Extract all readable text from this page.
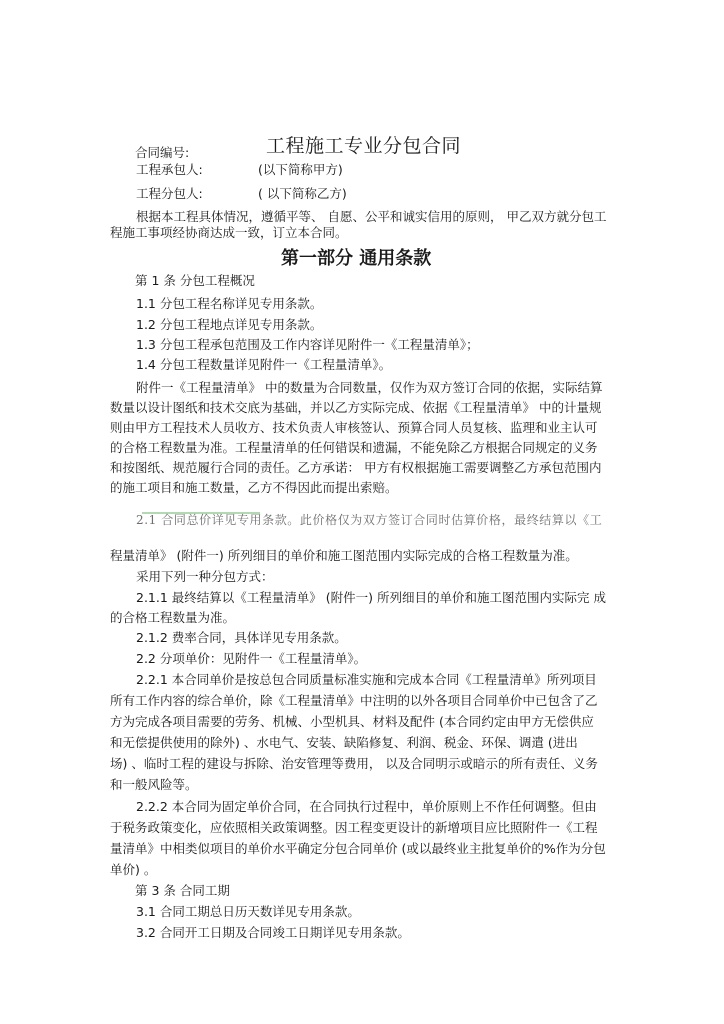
工程施工专业分包合同
合同编号:
工程承包人:	(以下简称甲方)
工程分包人:	( 以下简称乙方)
根据本工程具体情况，遵循平等、 自愿、公平和诚实信用的原则， 甲乙双方就分包工
程施工事项经协商达成一致，订立本合同。
第一部分 通用条款
第 1 条 分包工程概况
1.1 分包工程名称详见专用条款。
1.2 分包工程地点详见专用条款。
1.3 分包工程承包范围及工作内容详见附件一《工程量清单》；
1.4 分包工程数量详见附件一《工程量清单》。
附件一《工程量清单》 中的数量为合同数量，仅作为双方签订合同的依据，实际结算
数量以设计图纸和技术交底为基础，并以乙方实际完成、依据《工程量清单》 中的计量规
则由甲方工程技术人员收方、技术负责人审核签认、预算合同人员复核、监理和业主认可
的合格工程数量为准。工程量清单的任何错误和遗漏，不能免除乙方根据合同规定的义务
和按图纸、规范履行合同的责任。乙方承诺： 甲方有权根据施工需要调整乙方承包范围内
的施工项目和施工数量，乙方不得因此而提出索赔。
2.1 合同总价详见专用条款。此价格仅为双方签订合同时估算价格，最终结算以《工
程量清单》 (附件一) 所列细目的单价和施工图范围内实际完成的合格工程数量为准。
采用下列一种分包方式：
2.1.1 最终结算以《工程量清单》 (附件一) 所列细目的单价和施工图范围内实际完 成
的合格工程数量为准。
2.1.2 费率合同，具体详见专用条款。
2.2 分项单价：见附件一《工程量清单》。
2.2.1 本合同单价是按总包合同质量标准实施和完成本合同《工程量清单》所列项目
所有工作内容的综合单价，除《工程量清单》中注明的以外各项目合同单价中已包含了乙
方为完成各项目需要的劳务、机械、小型机具、材料及配件 (本合同约定由甲方无偿供应
和无偿提供使用的除外) 、水电气、安装、缺陷修复、利润、税金、环保、调遣 (进出
场) 、临时工程的建设与拆除、治安管理等费用， 以及合同明示或暗示的所有责任、义务
和一般风险等。
2.2.2 本合同为固定单价合同，在合同执行过程中，单价原则上不作任何调整。但由
于税务政策变化，应依照相关政策调整。因工程变更设计的新增项目应比照附件一《工程
量清单》中相类似项目的单价水平确定分包合同单价 (或以最终业主批复单价的%作为分包
单价) 。
第 3 条 合同工期
3.1 合同工期总日历天数详见专用条款。
3.2 合同开工日期及合同竣工日期详见专用条款。
